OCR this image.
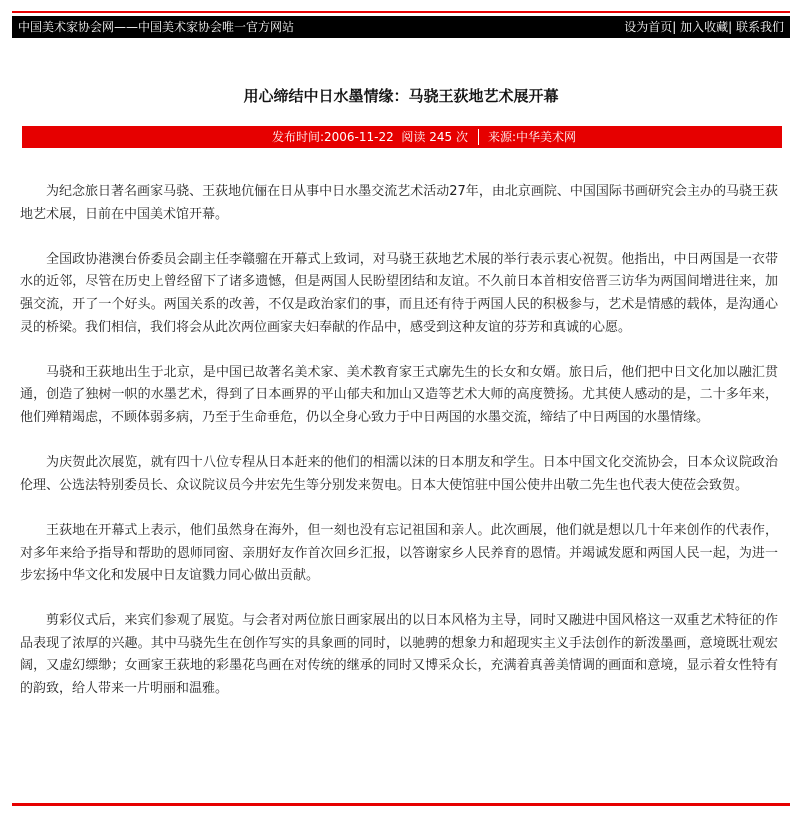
中国美术家协会网——中国美术家协会唯一官方网站	设为首页| 加入收藏| 联系我们
用心缔结中日水墨情缘：马骁王荻地艺术展开幕
发布时间:2006-11-22 阅读 245 次 来源:中华美术网

为纪念旅日著名画家马骁、王荻地伉俪在日从事中日水墨交流艺术活动27年，由北京画院、中国国际书画研究会主办的马骁王荻地艺术展，日前在中国美术馆开幕。

全国政协港澳台侨委员会副主任李赣骝在开幕式上致词，对马骁王荻地艺术展的举行表示衷心祝贺。他指出，中日两国是一衣带水的近邻，尽管在历史上曾经留下了诸多遗憾，但是两国人民盼望团结和友谊。不久前日本首相安倍晋三访华为两国间增进往来，加强交流，开了一个好头。两国关系的改善，不仅是政治家们的事，而且还有待于两国人民的积极参与，艺术是情感的载体，是沟通心灵的桥梁。我们相信，我们将会从此次两位画家夫妇奉献的作品中，感受到这种友谊的芬芳和真诚的心愿。

马骁和王荻地出生于北京，是中国已故著名美术家、美术教育家王式廓先生的长女和女婿。旅日后，他们把中日文化加以融汇贯通，创造了独树一帜的水墨艺术，得到了日本画界的平山郁夫和加山又造等艺术大师的高度赞扬。尤其使人感动的是，二十多年来，他们殚精竭虑，不顾体弱多病，乃至于生命垂危，仍以全身心致力于中日两国的水墨交流，缔结了中日两国的水墨情缘。

为庆贺此次展览，就有四十八位专程从日本赶来的他们的相濡以沫的日本朋友和学生。日本中国文化交流协会，日本众议院政治伦理、公选法特别委员长、众议院议员今井宏先生等分别发来贺电。日本大使馆驻中国公使井出敬二先生也代表大使莅会致贺。

王荻地在开幕式上表示，他们虽然身在海外，但一刻也没有忘记祖国和亲人。此次画展，他们就是想以几十年来创作的代表作，对多年来给予指导和帮助的恩师同窗、亲朋好友作首次回乡汇报，以答谢家乡人民养育的恩情。并竭诚发愿和两国人民一起，为进一步宏扬中华文化和发展中日友谊戮力同心做出贡献。

剪彩仪式后，来宾们参观了展览。与会者对两位旅日画家展出的以日本风格为主导，同时又融进中国风格这一双重艺术特征的作品表现了浓厚的兴趣。其中马骁先生在创作写实的具象画的同时，以驰骋的想象力和超现实主义手法创作的新泼墨画，意境既壮观宏阔，又虚幻缥缈；女画家王荻地的彩墨花鸟画在对传统的继承的同时又博采众长，充满着真善美情调的画面和意境，显示着女性特有的韵致，给人带来一片明丽和温雅。
